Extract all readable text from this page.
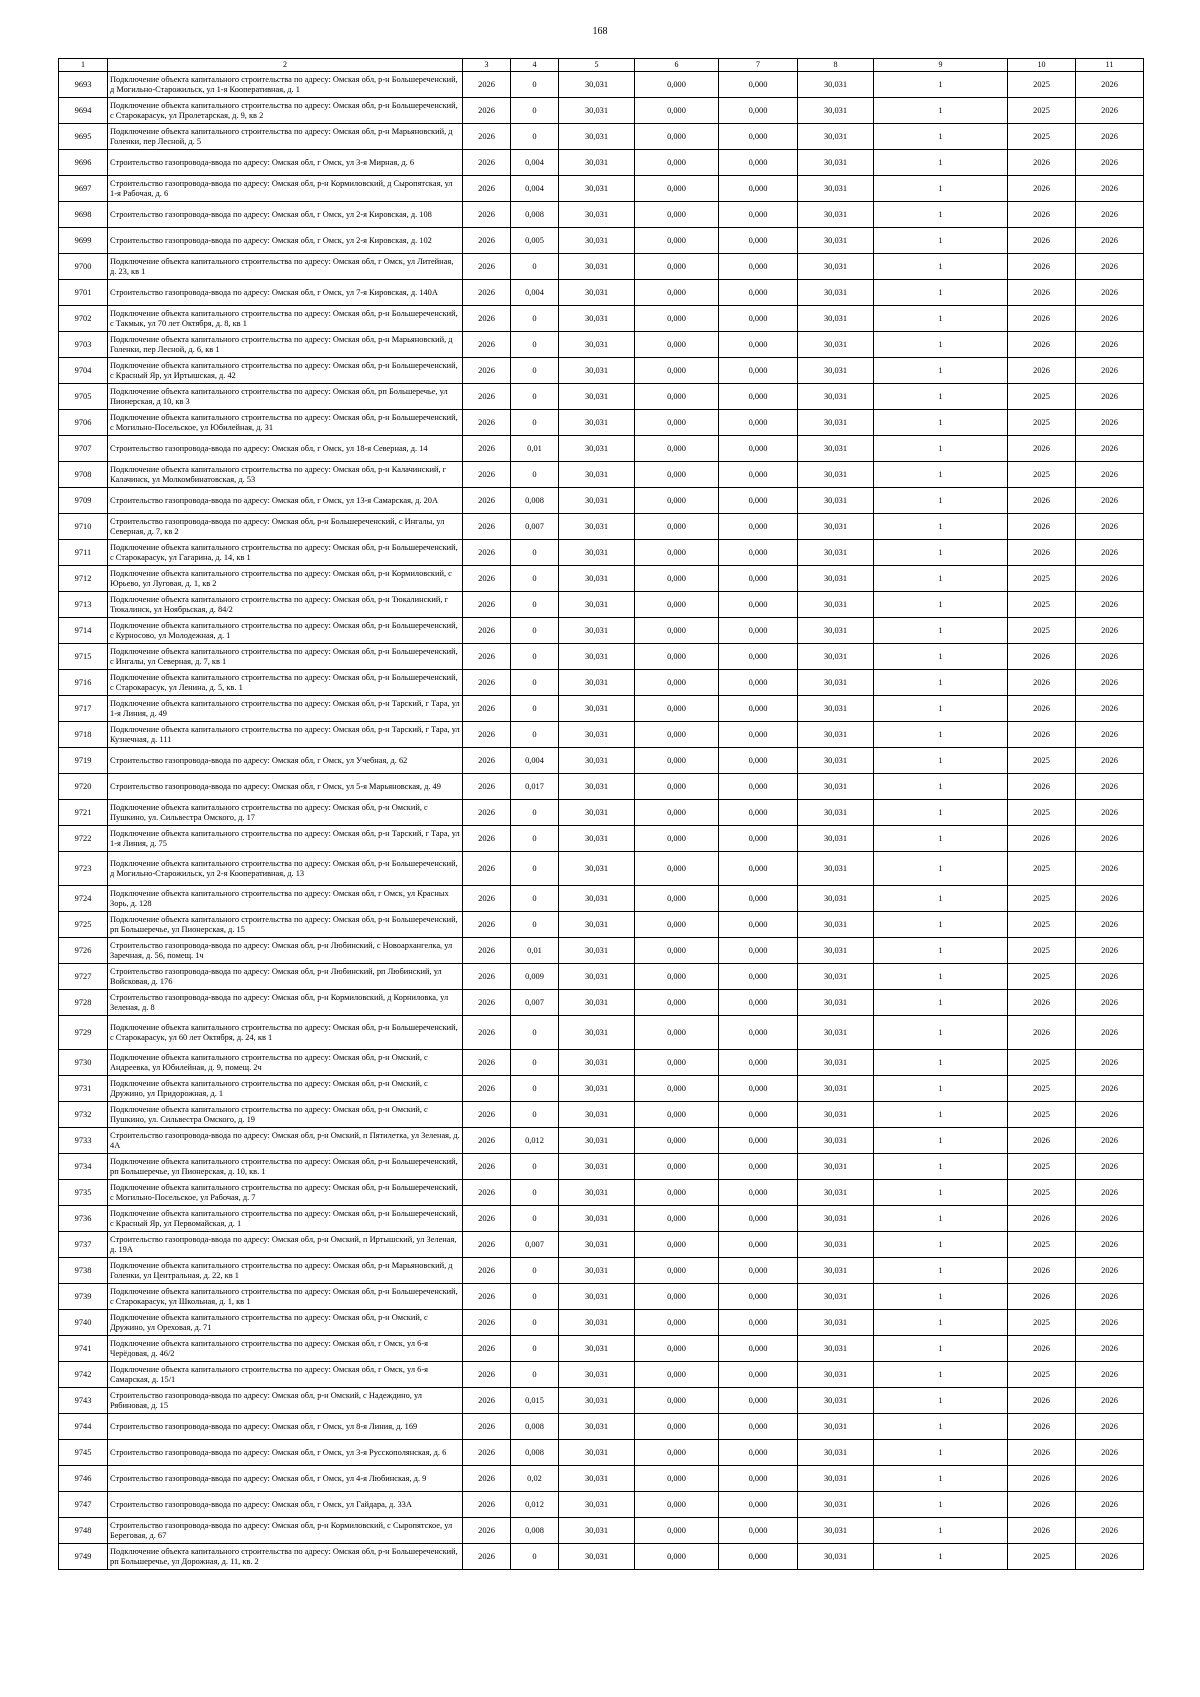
168
1	2	3	4	5	6	7	8	9	10	11
9693	Подключение объекта капитального строительства по адресу: Омская обл, р-н Большереченский, д Могильно-Старожильск, ул 1-я Кооперативная, д. 1	2026	0	30,031	0,000	0,000	30,031	1	2025	2026
9694	Подключение объекта капитального строительства по адресу: Омская обл, р-н Большереченский, с Старокарасук, ул Пролетарская, д. 9, кв 2	2026	0	30,031	0,000	0,000	30,031	1	2025	2026
9695	Подключение объекта капитального строительства по адресу: Омская обл, р-н Марьяновский, д Голенки, пер Лесной, д. 5	2026	0	30,031	0,000	0,000	30,031	1	2025	2026
9696	Строительство газопровода-ввода по адресу: Омская обл, г Омск, ул 3-я Мирная, д. 6	2026	0,004	30,031	0,000	0,000	30,031	1	2026	2026
9697	Строительство газопровода-ввода по адресу: Омская обл, р-н Кормиловский, д Сыропятская, ул 1-я Рабочая, д. 6	2026	0,004	30,031	0,000	0,000	30,031	1	2026	2026
9698	Строительство газопровода-ввода по адресу: Омская обл, г Омск, ул 2-я Кировская, д. 108	2026	0,008	30,031	0,000	0,000	30,031	1	2026	2026
9699	Строительство газопровода-ввода по адресу: Омская обл, г Омск, ул 2-я Кировская, д. 102	2026	0,005	30,031	0,000	0,000	30,031	1	2026	2026
9700	Подключение объекта капитального строительства по адресу: Омская обл, г Омск, ул Литейная, д. 23, кв 1	2026	0	30,031	0,000	0,000	30,031	1	2026	2026
9701	Строительство газопровода-ввода по адресу: Омская обл, г Омск, ул 7-я Кировская, д. 140А	2026	0,004	30,031	0,000	0,000	30,031	1	2026	2026
9702	Подключение объекта капитального строительства по адресу: Омская обл, р-н Большереченский, с Такмык, ул 70 лет Октября, д. 8, кв 1	2026	0	30,031	0,000	0,000	30,031	1	2026	2026
9703	Подключение объекта капитального строительства по адресу: Омская обл, р-н Марьяновский, д Голенки, пер Лесной, д. 6, кв 1	2026	0	30,031	0,000	0,000	30,031	1	2026	2026
9704	Подключение объекта капитального строительства по адресу: Омская обл, р-н Большереченский, с Красный Яр, ул Иртышская, д. 42	2026	0	30,031	0,000	0,000	30,031	1	2026	2026
9705	Подключение объекта капитального строительства по адресу: Омская обл, рп Большеречье, ул Пионерская, д 10, кв 3	2026	0	30,031	0,000	0,000	30,031	1	2025	2026
9706	Подключение объекта капитального строительства по адресу: Омская обл, р-н Большереченский, с Могильно-Посельское, ул Юбилейная, д. 31	2026	0	30,031	0,000	0,000	30,031	1	2025	2026
9707	Строительство газопровода-ввода по адресу: Омская обл, г Омск, ул 18-я Северная, д. 14	2026	0,01	30,031	0,000	0,000	30,031	1	2026	2026
9708	Подключение объекта капитального строительства по адресу: Омская обл, р-н Калачинский, г Калачинск, ул Молкомбинатовская, д. 53	2026	0	30,031	0,000	0,000	30,031	1	2025	2026
9709	Строительство газопровода-ввода по адресу: Омская обл, г Омск, ул 13-я Самарская, д. 20А	2026	0,008	30,031	0,000	0,000	30,031	1	2026	2026
9710	Строительство газопровода-ввода по адресу: Омская обл, р-н Большереченский, с Ингалы, ул Северная, д. 7, кв 2	2026	0,007	30,031	0,000	0,000	30,031	1	2026	2026
9711	Подключение объекта капитального строительства по адресу: Омская обл, р-н Большереченский, с Старокарасук, ул Гагарина, д. 14, кв 1	2026	0	30,031	0,000	0,000	30,031	1	2026	2026
9712	Подключение объекта капитального строительства по адресу: Омская обл, р-н Кормиловский, с Юрьево, ул Луговая, д. 1, кв 2	2026	0	30,031	0,000	0,000	30,031	1	2025	2026
9713	Подключение объекта капитального строительства по адресу: Омская обл, р-н Тюкалинский, г Тюкалинск, ул Ноябрьская, д. 84/2	2026	0	30,031	0,000	0,000	30,031	1	2025	2026
9714	Подключение объекта капитального строительства по адресу: Омская обл, р-н Большереченский, с Курносово, ул Молодежная, д. 1	2026	0	30,031	0,000	0,000	30,031	1	2025	2026
9715	Подключение объекта капитального строительства по адресу: Омская обл, р-н Большереченский, с Ингалы, ул Северная, д. 7, кв 1	2026	0	30,031	0,000	0,000	30,031	1	2026	2026
9716	Подключение объекта капитального строительства по адресу: Омская обл, р-н Большереченский, с Старокарасук, ул Ленина, д. 5, кв. 1	2026	0	30,031	0,000	0,000	30,031	1	2026	2026
9717	Подключение объекта капитального строительства по адресу: Омская обл, р-н Тарский, г Тара, ул 1-я Линия, д. 49	2026	0	30,031	0,000	0,000	30,031	1	2026	2026
9718	Подключение объекта капитального строительства по адресу: Омская обл, р-н Тарский, г Тара, ул Кузнечная, д. 111	2026	0	30,031	0,000	0,000	30,031	1	2026	2026
9719	Строительство газопровода-ввода по адресу: Омская обл, г Омск, ул Учебная, д. 62	2026	0,004	30,031	0,000	0,000	30,031	1	2025	2026
9720	Строительство газопровода-ввода по адресу: Омская обл, г Омск, ул 5-я Марьяновская, д. 49	2026	0,017	30,031	0,000	0,000	30,031	1	2026	2026
9721	Подключение объекта капитального строительства по адресу: Омская обл, р-н Омский, с Пушкино, ул. Сильвестра Омского, д. 17	2026	0	30,031	0,000	0,000	30,031	1	2025	2026
9722	Подключение объекта капитального строительства по адресу: Омская обл, р-н Тарский, г Тара, ул 1-я Линия, д. 75	2026	0	30,031	0,000	0,000	30,031	1	2026	2026
9723	Подключение объекта капитального строительства по адресу: Омская обл, р-н Большереченский, д Могильно-Старожильск, ул 2-я Кооперативная, д. 13	2026	0	30,031	0,000	0,000	30,031	1	2025	2026
9724	Подключение объекта капитального строительства по адресу: Омская обл, г Омск, ул Красных Зорь, д. 128	2026	0	30,031	0,000	0,000	30,031	1	2025	2026
9725	Подключение объекта капитального строительства по адресу: Омская обл, р-н Большереченский, рп Большеречье, ул Пионерская, д. 15	2026	0	30,031	0,000	0,000	30,031	1	2025	2026
9726	Строительство газопровода-ввода по адресу: Омская обл, р-н Любинский, с Новоархангелка, ул Заречная, д. 56, помещ. 1ч	2026	0,01	30,031	0,000	0,000	30,031	1	2025	2026
9727	Строительство газопровода-ввода по адресу: Омская обл, р-н Любинский, рп Любинский, ул Войсковая, д. 176	2026	0,009	30,031	0,000	0,000	30,031	1	2025	2026
9728	Строительство газопровода-ввода по адресу: Омская обл, р-н Кормиловский, д Корниловка, ул Зеленая, д. 8	2026	0,007	30,031	0,000	0,000	30,031	1	2026	2026
9729	Подключение объекта капитального строительства по адресу: Омская обл, р-н Большереченский, с Старокарасук, ул 60 лет Октября, д. 24, кв 1	2026	0	30,031	0,000	0,000	30,031	1	2026	2026
9730	Подключение объекта капитального строительства по адресу: Омская обл, р-н Омский, с Андреевка, ул Юбилейная, д. 9, помещ. 2ч	2026	0	30,031	0,000	0,000	30,031	1	2025	2026
9731	Подключение объекта капитального строительства по адресу: Омская обл, р-н Омский, с Дружино, ул Придорожная, д. 1	2026	0	30,031	0,000	0,000	30,031	1	2025	2026
9732	Подключение объекта капитального строительства по адресу: Омская обл, р-н Омский, с Пушкино, ул. Сильвестра Омского, д. 19	2026	0	30,031	0,000	0,000	30,031	1	2025	2026
9733	Строительство газопровода-ввода по адресу: Омская обл, р-н Омский, п Пятилетка, ул Зеленая, д. 4А	2026	0,012	30,031	0,000	0,000	30,031	1	2026	2026
9734	Подключение объекта капитального строительства по адресу: Омская обл, р-н Большереченский, рп Большеречье, ул Пионерская, д. 10, кв. 1	2026	0	30,031	0,000	0,000	30,031	1	2025	2026
9735	Подключение объекта капитального строительства по адресу: Омская обл, р-н Большереченский, с Могильно-Посельское, ул Рабочая, д. 7	2026	0	30,031	0,000	0,000	30,031	1	2025	2026
9736	Подключение объекта капитального строительства по адресу: Омская обл, р-н Большереченский, с Красный Яр, ул Первомайская, д. 1	2026	0	30,031	0,000	0,000	30,031	1	2026	2026
9737	Строительство газопровода-ввода по адресу: Омская обл, р-н Омский, п Иртышский, ул Зеленая, д. 19А	2026	0,007	30,031	0,000	0,000	30,031	1	2025	2026
9738	Подключение объекта капитального строительства по адресу: Омская обл, р-н Марьяновский, д Голенки, ул Центральная, д. 22, кв 1	2026	0	30,031	0,000	0,000	30,031	1	2026	2026
9739	Подключение объекта капитального строительства по адресу: Омская обл, р-н Большереченский, с Старокарасук, ул Школьная, д. 1, кв 1	2026	0	30,031	0,000	0,000	30,031	1	2026	2026
9740	Подключение объекта капитального строительства по адресу: Омская обл, р-н Омский, с Дружино, ул Ореховая, д. 71	2026	0	30,031	0,000	0,000	30,031	1	2025	2026
9741	Подключение объекта капитального строительства по адресу: Омская обл, г Омск, ул 6-я Черёдовая, д. 46/2	2026	0	30,031	0,000	0,000	30,031	1	2026	2026
9742	Подключение объекта капитального строительства по адресу: Омская обл, г Омск, ул 6-я Самарская, д. 15/1	2026	0	30,031	0,000	0,000	30,031	1	2025	2026
9743	Строительство газопровода-ввода по адресу: Омская обл, р-н Омский, с Надеждино, ул Рябиновая, д. 15	2026	0,015	30,031	0,000	0,000	30,031	1	2026	2026
9744	Строительство газопровода-ввода по адресу: Омская обл, г Омск, ул 8-я Линия, д. 169	2026	0,008	30,031	0,000	0,000	30,031	1	2026	2026
9745	Строительство газопровода-ввода по адресу: Омская обл, г Омск, ул 3-я Русскополянская, д. 6	2026	0,008	30,031	0,000	0,000	30,031	1	2026	2026
9746	Строительство газопровода-ввода по адресу: Омская обл, г Омск, ул 4-я Любинская, д. 9	2026	0,02	30,031	0,000	0,000	30,031	1	2026	2026
9747	Строительство газопровода-ввода по адресу: Омская обл, г Омск, ул Гайдара, д. 33А	2026	0,012	30,031	0,000	0,000	30,031	1	2026	2026
9748	Строительство газопровода-ввода по адресу: Омская обл, р-н Кормиловский, с Сыропятское, ул Береговая, д. 67	2026	0,008	30,031	0,000	0,000	30,031	1	2026	2026
9749	Подключение объекта капитального строительства по адресу: Омская обл, р-н Большереченский, рп Большеречье, ул Дорожная, д. 11, кв. 2	2026	0	30,031	0,000	0,000	30,031	1	2025	2026
